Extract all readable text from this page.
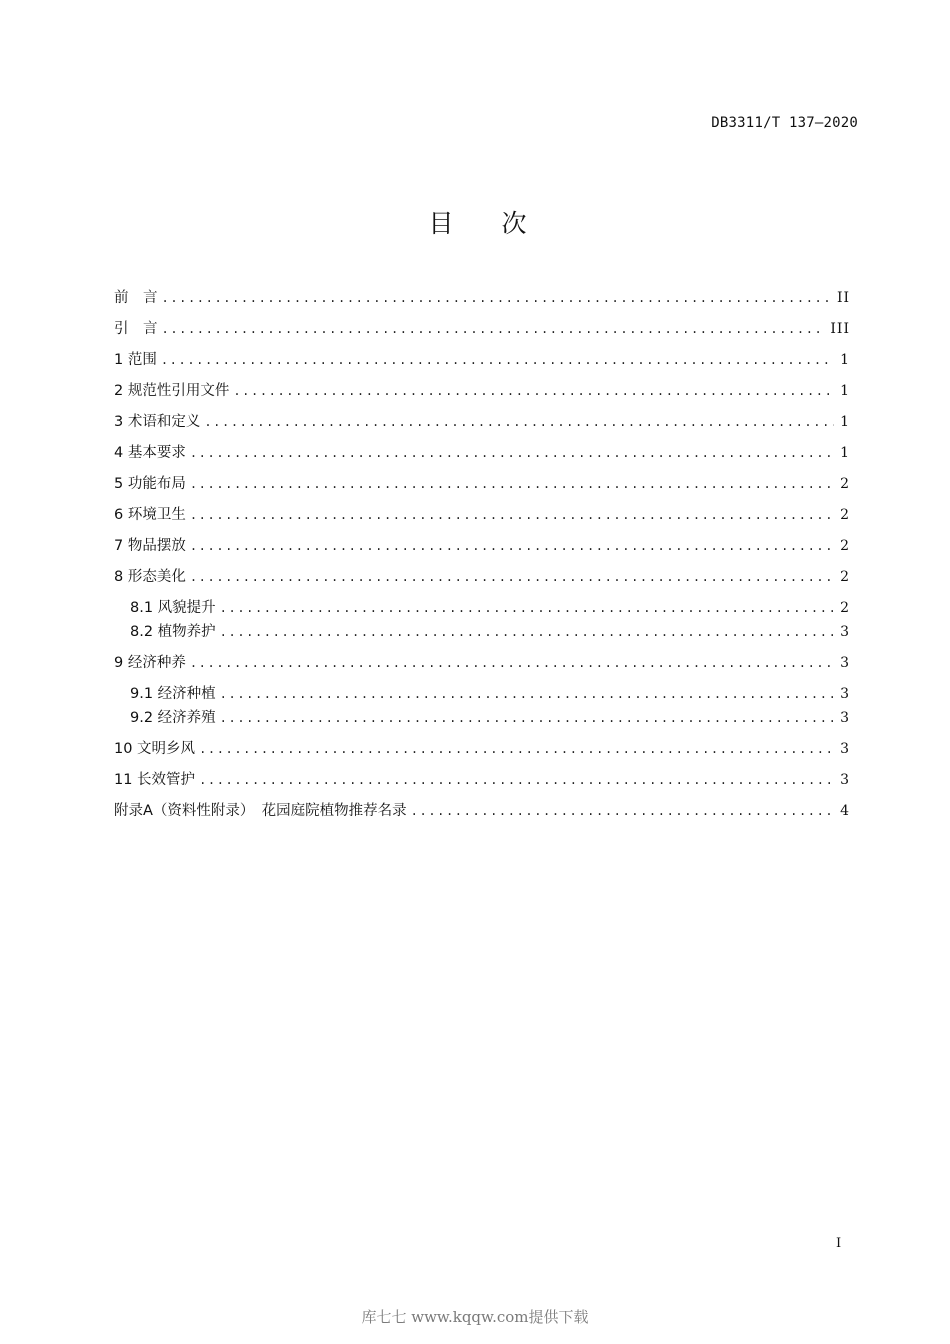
DB3311/T 137—2020
目 次
前　言 .....	II
引　言 .....	III
1 范围 .....	1
2 规范性引用文件 .....	1
3 术语和定义 .....	1
4 基本要求 .....	1
5 功能布局 .....	2
6 环境卫生 .....	2
7 物品摆放 .....	2
8 形态美化 .....	2
8.1 风貌提升 .....	2
8.2 植物养护 .....	3
9 经济种养 .....	3
9.1 经济种植 .....	3
9.2 经济养殖 .....	3
10 文明乡风 .....	3
11 长效管护 .....	3
附录A（资料性附录）　花园庭院植物推荐名录 .....	4
I
库七七 www.kqqw.com提供下载
